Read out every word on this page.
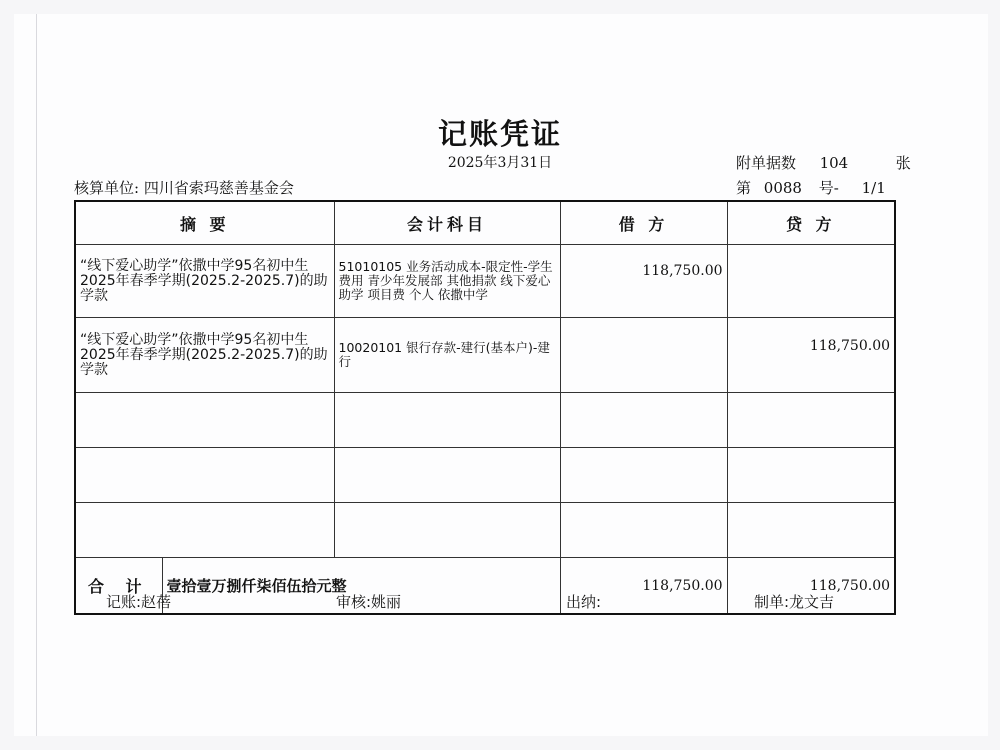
记账凭证
2025年3月31日	附单据数 104	张
核算单位: 四川省索玛慈善基金会	第 0088 号- 1/1
摘 要		会计科目	借 方	贷 方
“线下爱心助学”依撒中学95名初中生2025年春季学期(2025.2-2025.7)的助学款		51010105 业务活动成本-限定性-学生费用 青少年发展部 其他捐款 线下爱心助学 项目费 个人 依撒中学	118,750.00	
“线下爱心助学”依撒中学95名初中生2025年春季学期(2025.2-2025.7)的助学款		10020101 银行存款-建行(基本户)-建行		118,750.00

合 计	壹拾壹万捌仟柒佰伍拾元整		118,750.00	118,750.00
记账:赵蓓	审核:姚丽	出纳:	制单:龙文吉
